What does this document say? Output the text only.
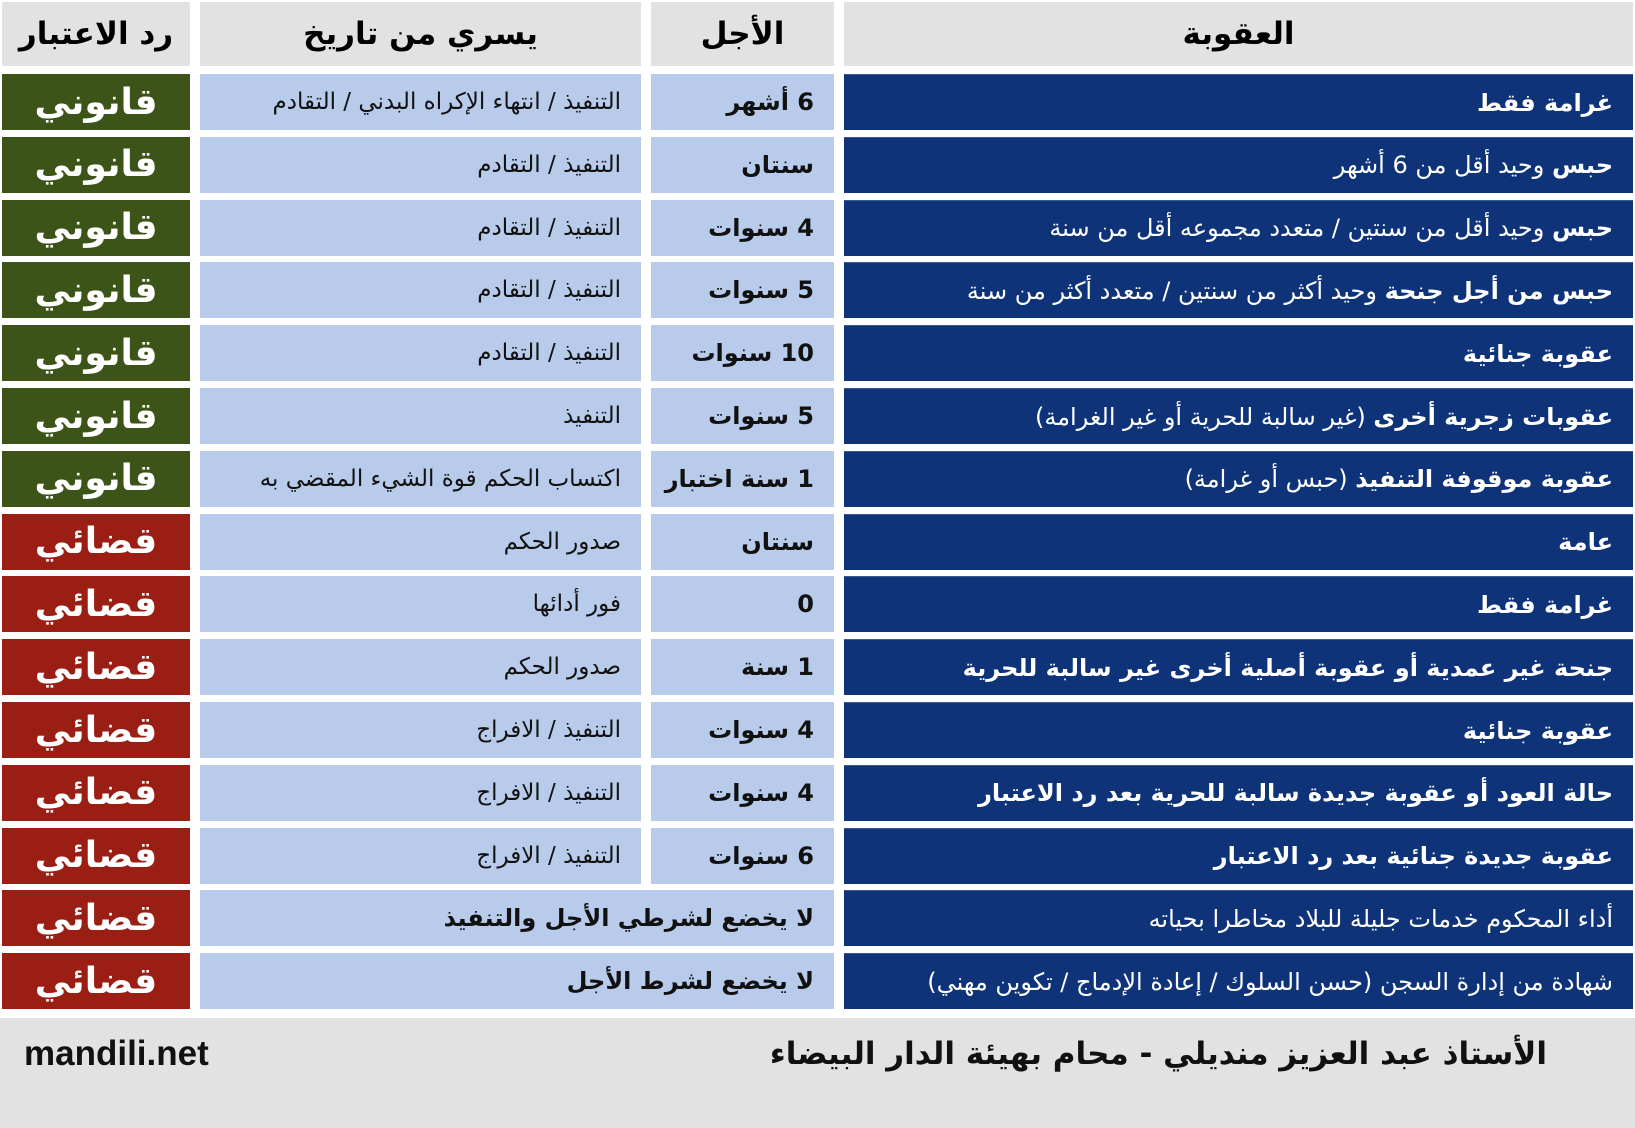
رد الاعتبار	يسري من تاريخ	الأجل	العقوبة
قانوني	التنفيذ / انتهاء الإكراه البدني / التقادم	6 أشهر	غرامة فقط
قانوني	التنفيذ / التقادم	سنتان	حبس وحيد أقل من 6 أشهر
قانوني	التنفيذ / التقادم	4 سنوات	حبس وحيد أقل من سنتين / متعدد مجموعه أقل من سنة
قانوني	التنفيذ / التقادم	5 سنوات	حبس من أجل جنحة وحيد أكثر من سنتين / متعدد أكثر من سنة
قانوني	التنفيذ / التقادم	10 سنوات	عقوبة جنائية
قانوني	التنفيذ	5 سنوات	عقوبات زجرية أخرى (غير سالبة للحرية أو غير الغرامة)
قانوني	اكتساب الحكم قوة الشيء المقضي به	1 سنة اختبار	عقوبة موقوفة التنفيذ (حبس أو غرامة)
قضائي	صدور الحكم	سنتان	عامة
قضائي	فور أدائها	0	غرامة فقط
قضائي	صدور الحكم	1 سنة	جنحة غير عمدية أو عقوبة أصلية أخرى غير سالبة للحرية
قضائي	التنفيذ / الافراج	4 سنوات	عقوبة جنائية
قضائي	التنفيذ / الافراج	4 سنوات	حالة العود أو عقوبة جديدة سالبة للحرية بعد رد الاعتبار
قضائي	التنفيذ / الافراج	6 سنوات	عقوبة جديدة جنائية بعد رد الاعتبار
قضائي	لا يخضع لشرطي الأجل والتنفيذ	أداء المحكوم خدمات جليلة للبلاد مخاطرا بحياته
قضائي	لا يخضع لشرط الأجل	شهادة من إدارة السجن (حسن السلوك / إعادة الإدماج / تكوين مهني)
mandili.net	الأستاذ عبد العزيز منديلي - محام بهيئة الدار البيضاء
